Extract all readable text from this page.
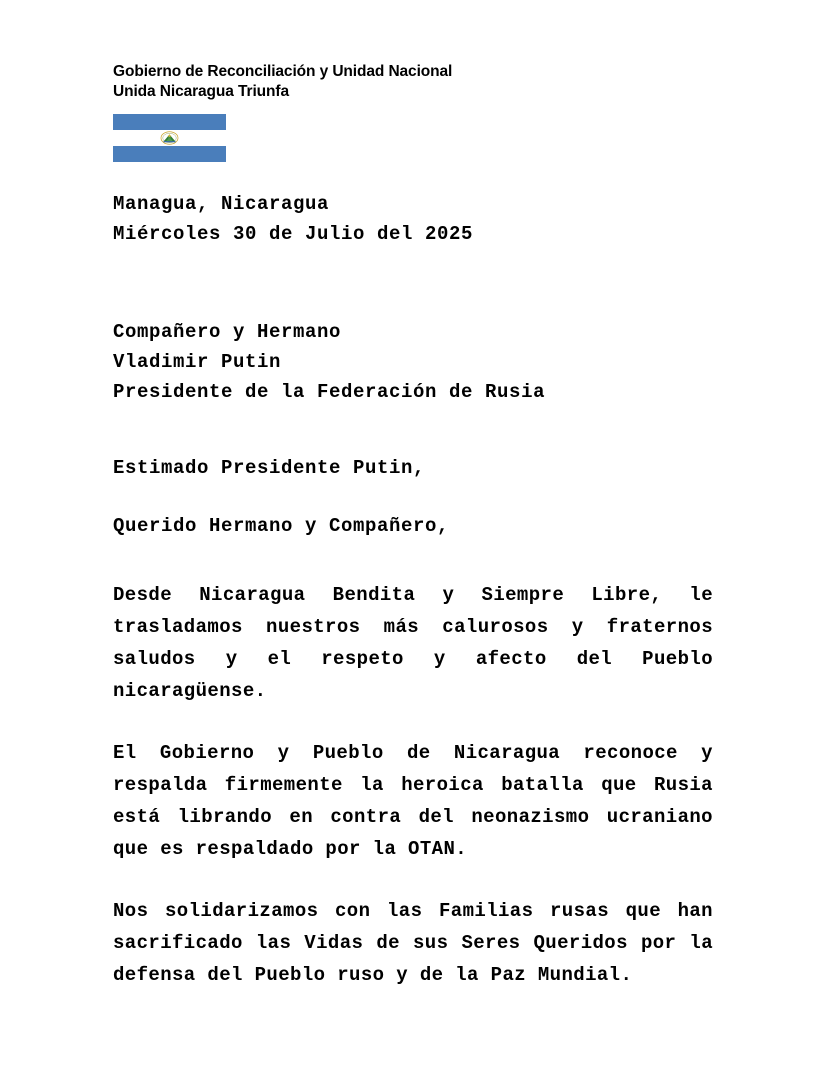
Gobierno de Reconciliación y Unidad Nacional
Unida Nicaragua Triunfa
Managua, Nicaragua
Miércoles 30 de Julio del 2025
Compañero y Hermano
Vladimir Putin
Presidente de la Federación de Rusia
Estimado Presidente Putin,
Querido Hermano y Compañero,
Desde Nicaragua Bendita y Siempre Libre, le trasladamos nuestros más calurosos y fraternos saludos y el respeto y afecto del Pueblo nicaragüense.
El Gobierno y Pueblo de Nicaragua reconoce y respalda firmemente la heroica batalla que Rusia está librando en contra del neonazismo ucraniano que es respaldado por la OTAN.
Nos solidarizamos con las Familias rusas que han sacrificado las Vidas de sus Seres Queridos por la defensa del Pueblo ruso y de la Paz Mundial.
